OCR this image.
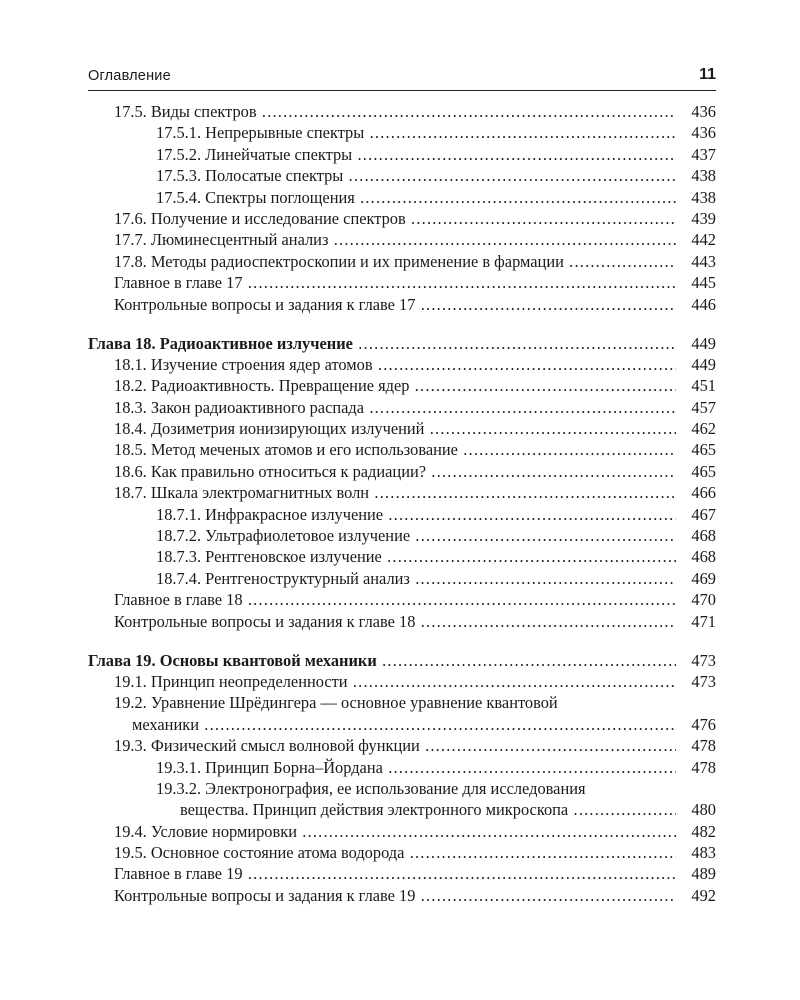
Оглавление	11
17.5. Виды спектров .....	436
17.5.1. Непрерывные спектры .....	436
17.5.2. Линейчатые спектры .....	437
17.5.3. Полосатые спектры .....	438
17.5.4. Спектры поглощения .....	438
17.6. Получение и исследование спектров .....	439
17.7. Люминесцентный анализ .....	442
17.8. Методы радиоспектроскопии и их применение в фармации .....	443
Главное в главе 17 .....	445
Контрольные вопросы и задания к главе 17 .....	446
Глава 18. Радиоактивное излучение .....	449
18.1. Изучение строения ядер атомов .....	449
18.2. Радиоактивность. Превращение ядер .....	451
18.3. Закон радиоактивного распада .....	457
18.4. Дозиметрия ионизирующих излучений .....	462
18.5. Метод меченых атомов и его использование .....	465
18.6. Как правильно относиться к радиации? .....	465
18.7. Шкала электромагнитных волн .....	466
18.7.1. Инфракрасное излучение .....	467
18.7.2. Ультрафиолетовое излучение .....	468
18.7.3. Рентгеновское излучение .....	468
18.7.4. Рентгеноструктурный анализ .....	469
Главное в главе 18 .....	470
Контрольные вопросы и задания к главе 18 .....	471
Глава 19. Основы квантовой механики .....	473
19.1. Принцип неопределенности .....	473
19.2. Уравнение Шрёдингера — основное уравнение квантовой
механики .....	476
19.3. Физический смысл волновой функции .....	478
19.3.1. Принцип Борна–Йордана .....	478
19.3.2. Электронография, ее использование для исследования
вещества. Принцип действия электронного микроскопа .....	480
19.4. Условие нормировки .....	482
19.5. Основное состояние атома водорода .....	483
Главное в главе 19 .....	489
Контрольные вопросы и задания к главе 19 .....	492
